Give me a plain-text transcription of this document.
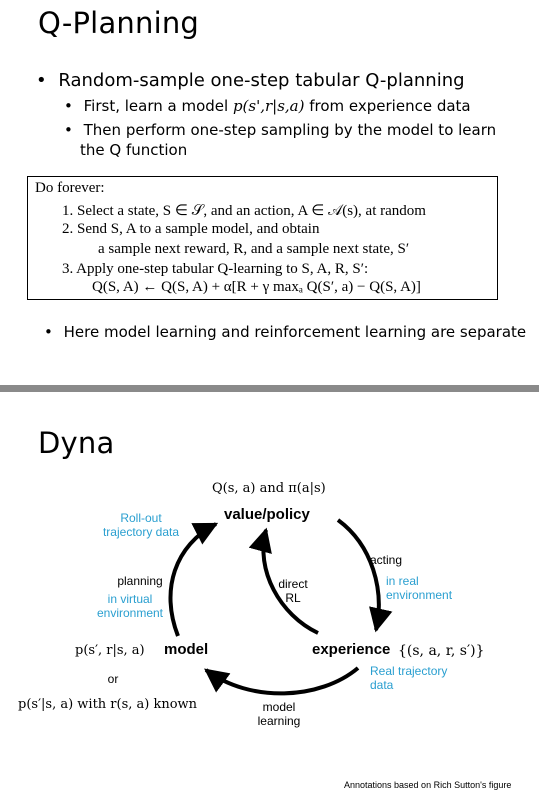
Q-Planning
• Random-sample one-step tabular Q-planning
• First, learn a model p(s',r|s,a) from experience data
• Then perform one-step sampling by the model to learn
the Q function
Do forever:
1. Select a state, S ∈ 𝒮, and an action, A ∈ 𝒜(s), at random
2. Send S, A to a sample model, and obtain
a sample next reward, R, and a sample next state, S′
3. Apply one-step tabular Q-learning to S, A, R, S′:
Q(S, A) ← Q(S, A) + α[R + γ maxₐ Q(S′, a) − Q(S, A)]
• Here model learning and reinforcement learning are separate
Dyna
Q(s, a) and π(a|s)
value/policy
Roll-out trajectory data
acting
in real environment
direct RL
planning
in virtual environment
p(s′, r|s, a) model	experience {(s, a, r, s′)}
Real trajectory data
or
p(s′|s, a) with r(s, a) known	model learning
Annotations based on Rich Sutton's figure
